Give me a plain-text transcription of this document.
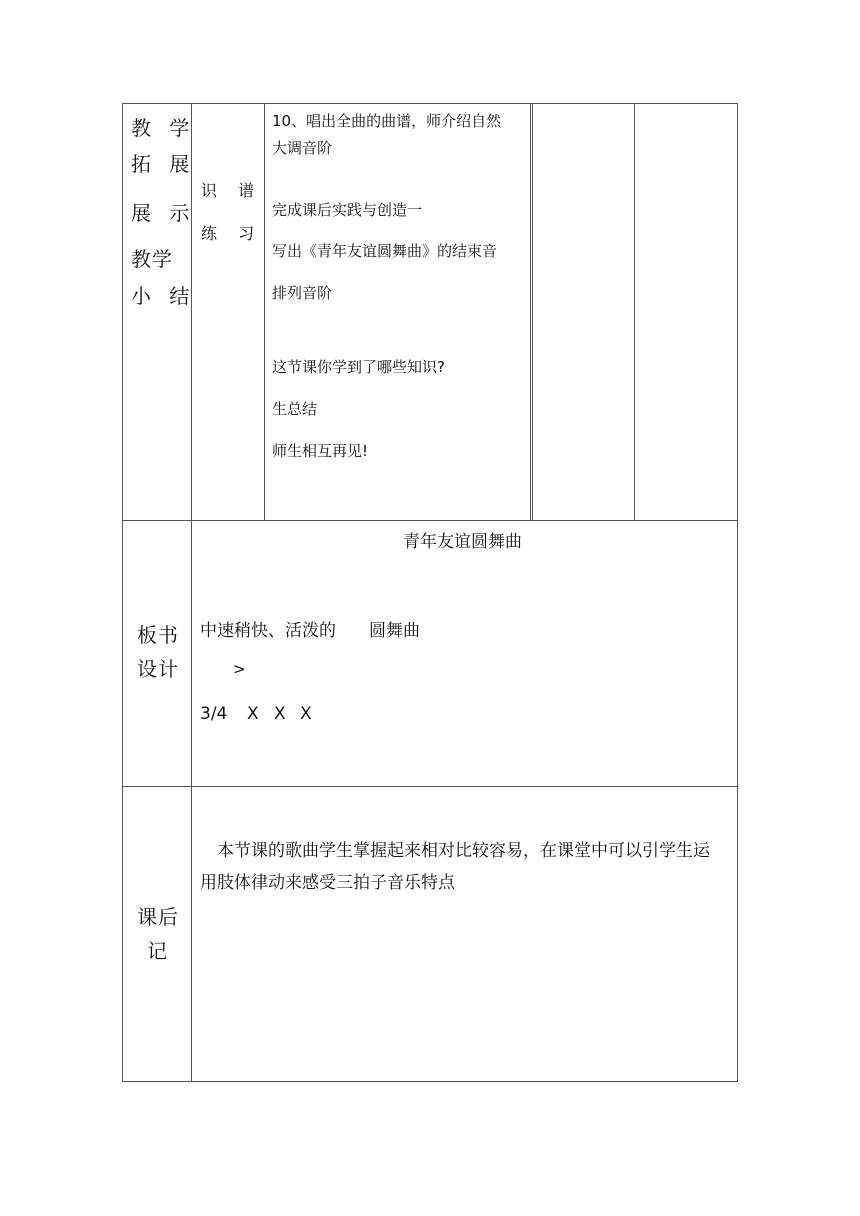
教 学
拓 展
展 示
教学
小 结
识 谱
练 习
10、唱出全曲的曲谱，师介绍自然
大调音阶
完成课后实践与创造一
写出《青年友谊圆舞曲》的结束音
排列音阶
这节课你学到了哪些知识?
生总结
师生相互再见!
板书
设计
青年友谊圆舞曲
中速稍快、活泼的 圆舞曲
>
3/4 X X X
课后
记
本节课的歌曲学生掌握起来相对比较容易，在课堂中可以引学生运
用肢体律动来感受三拍子音乐特点
